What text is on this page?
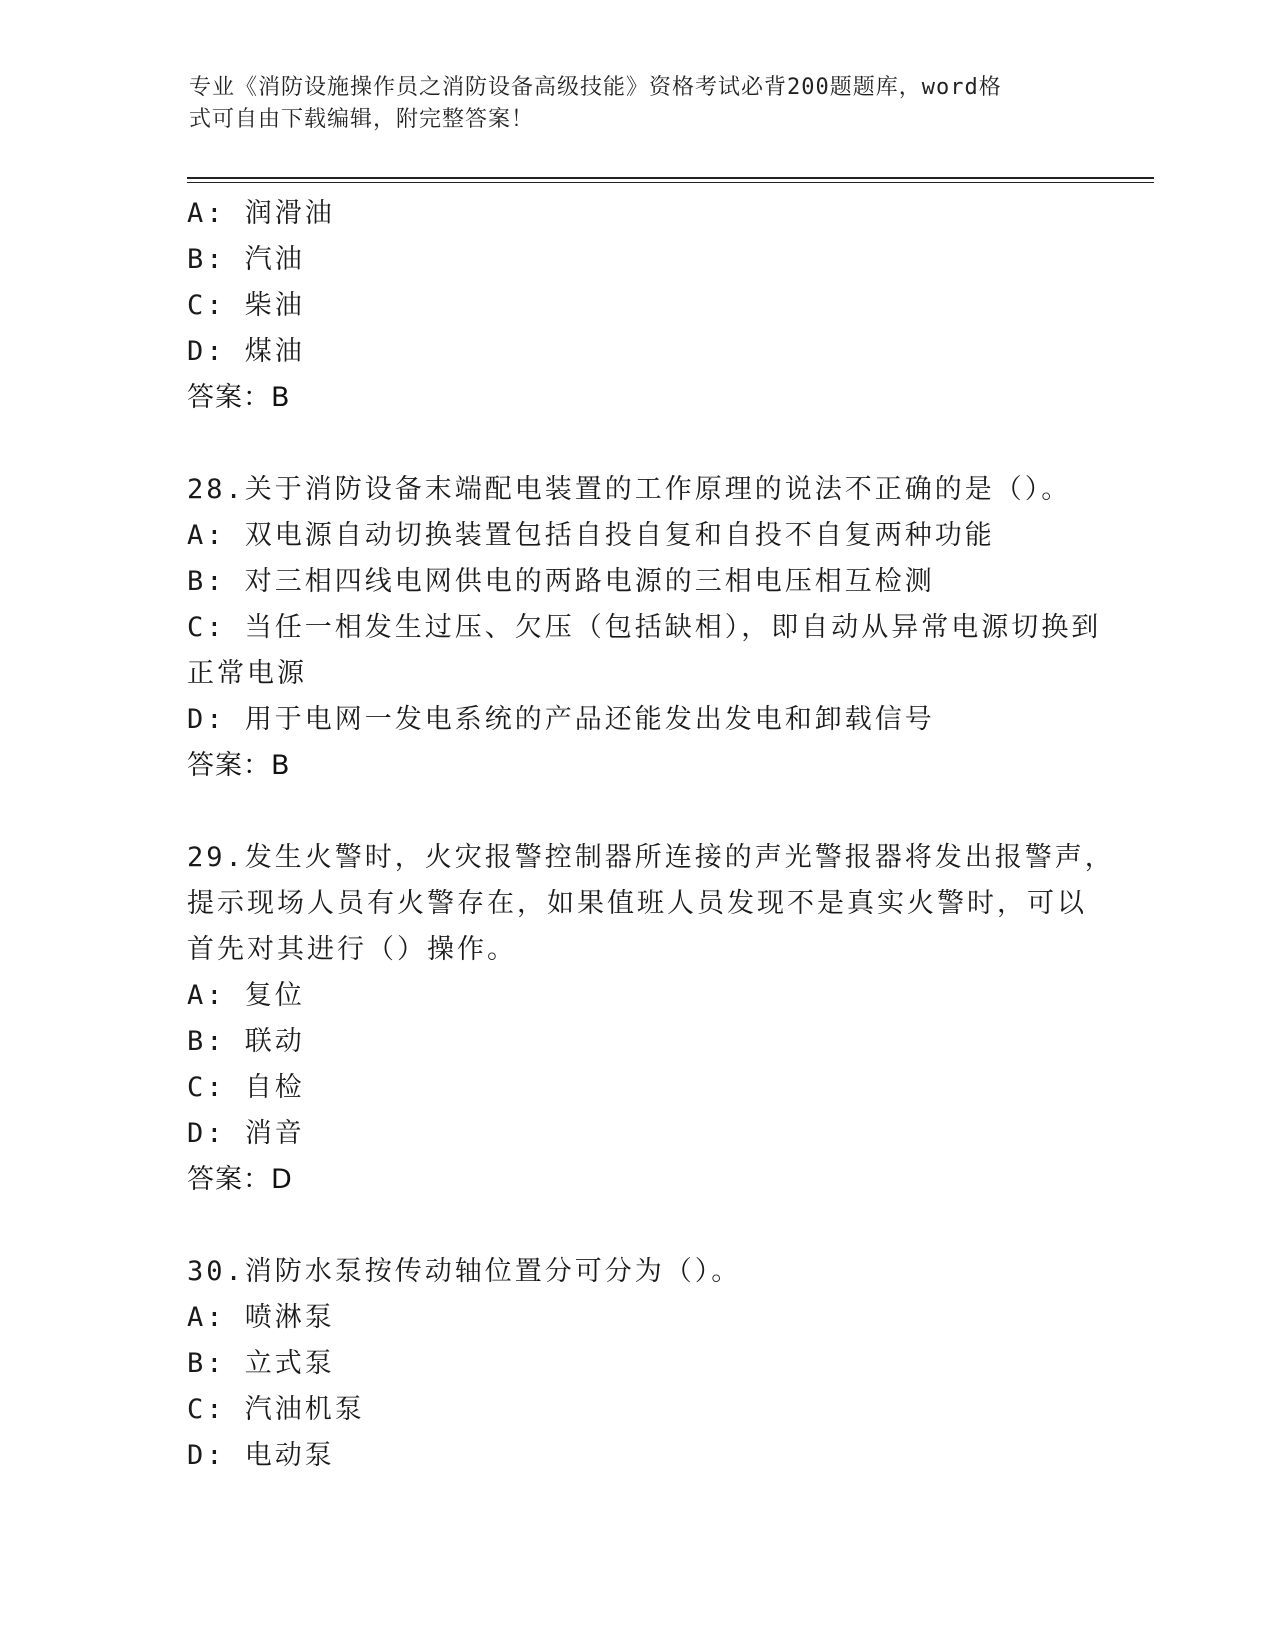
专业《消防设施操作员之消防设备高级技能》资格考试必背200题题库，word格
式可自由下载编辑，附完整答案！
A: 润滑油
B: 汽油
C: 柴油
D: 煤油
答案：B
28.关于消防设备末端配电装置的工作原理的说法不正确的是（）。
A: 双电源自动切换装置包括自投自复和自投不自复两种功能
B: 对三相四线电网供电的两路电源的三相电压相互检测
C: 当任一相发生过压、欠压（包括缺相），即自动从异常电源切换到
正常电源
D: 用于电网一发电系统的产品还能发出发电和卸载信号
答案：B
29.发生火警时，火灾报警控制器所连接的声光警报器将发出报警声，
提示现场人员有火警存在，如果值班人员发现不是真实火警时，可以
首先对其进行（）操作。
A: 复位
B: 联动
C: 自检
D: 消音
答案：D
30.消防水泵按传动轴位置分可分为（）。
A: 喷淋泵
B: 立式泵
C: 汽油机泵
D: 电动泵
